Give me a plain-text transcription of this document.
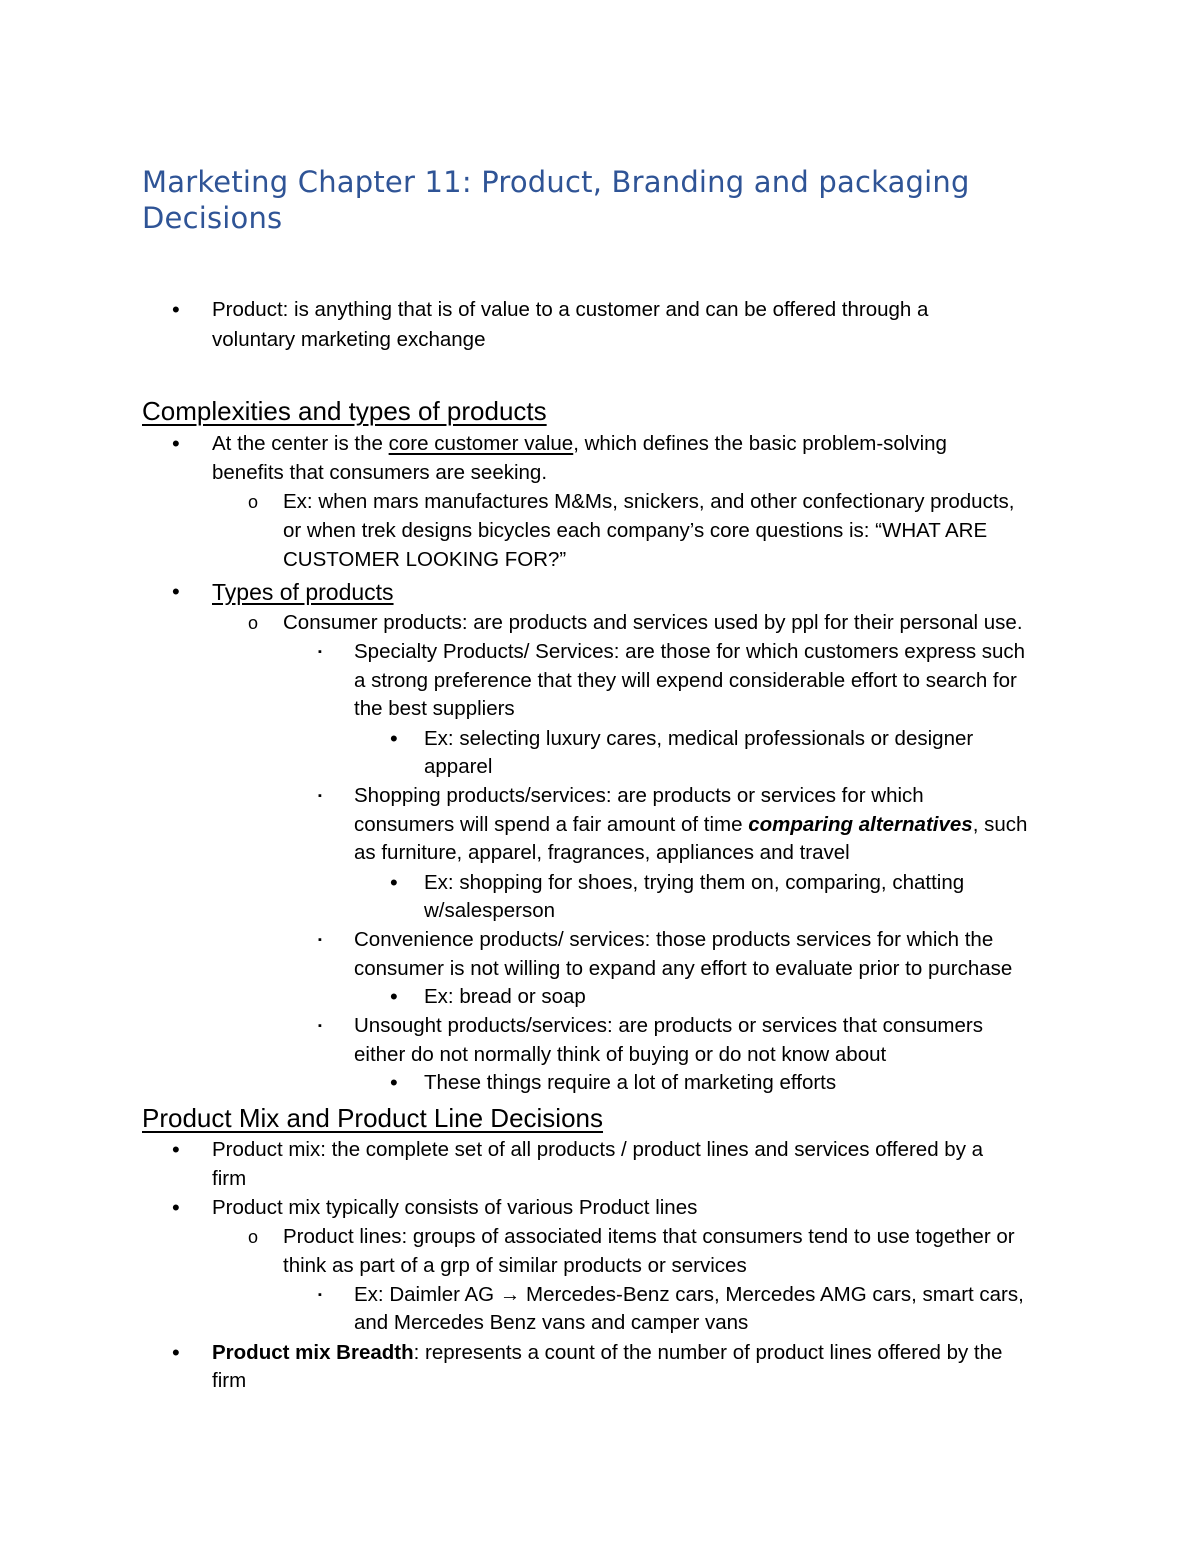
Marketing Chapter 11: Product, Branding and packaging Decisions
• Product: is anything that is of value to a customer and can be offered through a
voluntary marketing exchange
Complexities and types of products
• At the center is the core customer value, which defines the basic problem-solving
benefits that consumers are seeking.
o Ex: when mars manufactures M&Ms, snickers, and other confectionary products,
or when trek designs bicycles each company’s core questions is: “WHAT ARE
CUSTOMER LOOKING FOR?”
• Types of products
o Consumer products: are products and services used by ppl for their personal use.
▪ Specialty Products/ Services: are those for which customers express such
a strong preference that they will expend considerable effort to search for
the best suppliers
• Ex: selecting luxury cares, medical professionals or designer
apparel
▪ Shopping products/services: are products or services for which
consumers will spend a fair amount of time comparing alternatives, such
as furniture, apparel, fragrances, appliances and travel
• Ex: shopping for shoes, trying them on, comparing, chatting
w/salesperson
▪ Convenience products/ services: those products services for which the
consumer is not willing to expand any effort to evaluate prior to purchase
• Ex: bread or soap
▪ Unsought products/services: are products or services that consumers
either do not normally think of buying or do not know about
• These things require a lot of marketing efforts
Product Mix and Product Line Decisions
• Product mix: the complete set of all products / product lines and services offered by a
firm
• Product mix typically consists of various Product lines
o Product lines: groups of associated items that consumers tend to use together or
think as part of a grp of similar products or services
▪ Ex: Daimler AG → Mercedes-Benz cars, Mercedes AMG cars, smart cars,
and Mercedes Benz vans and camper vans
• Product mix Breadth: represents a count of the number of product lines offered by the
firm
